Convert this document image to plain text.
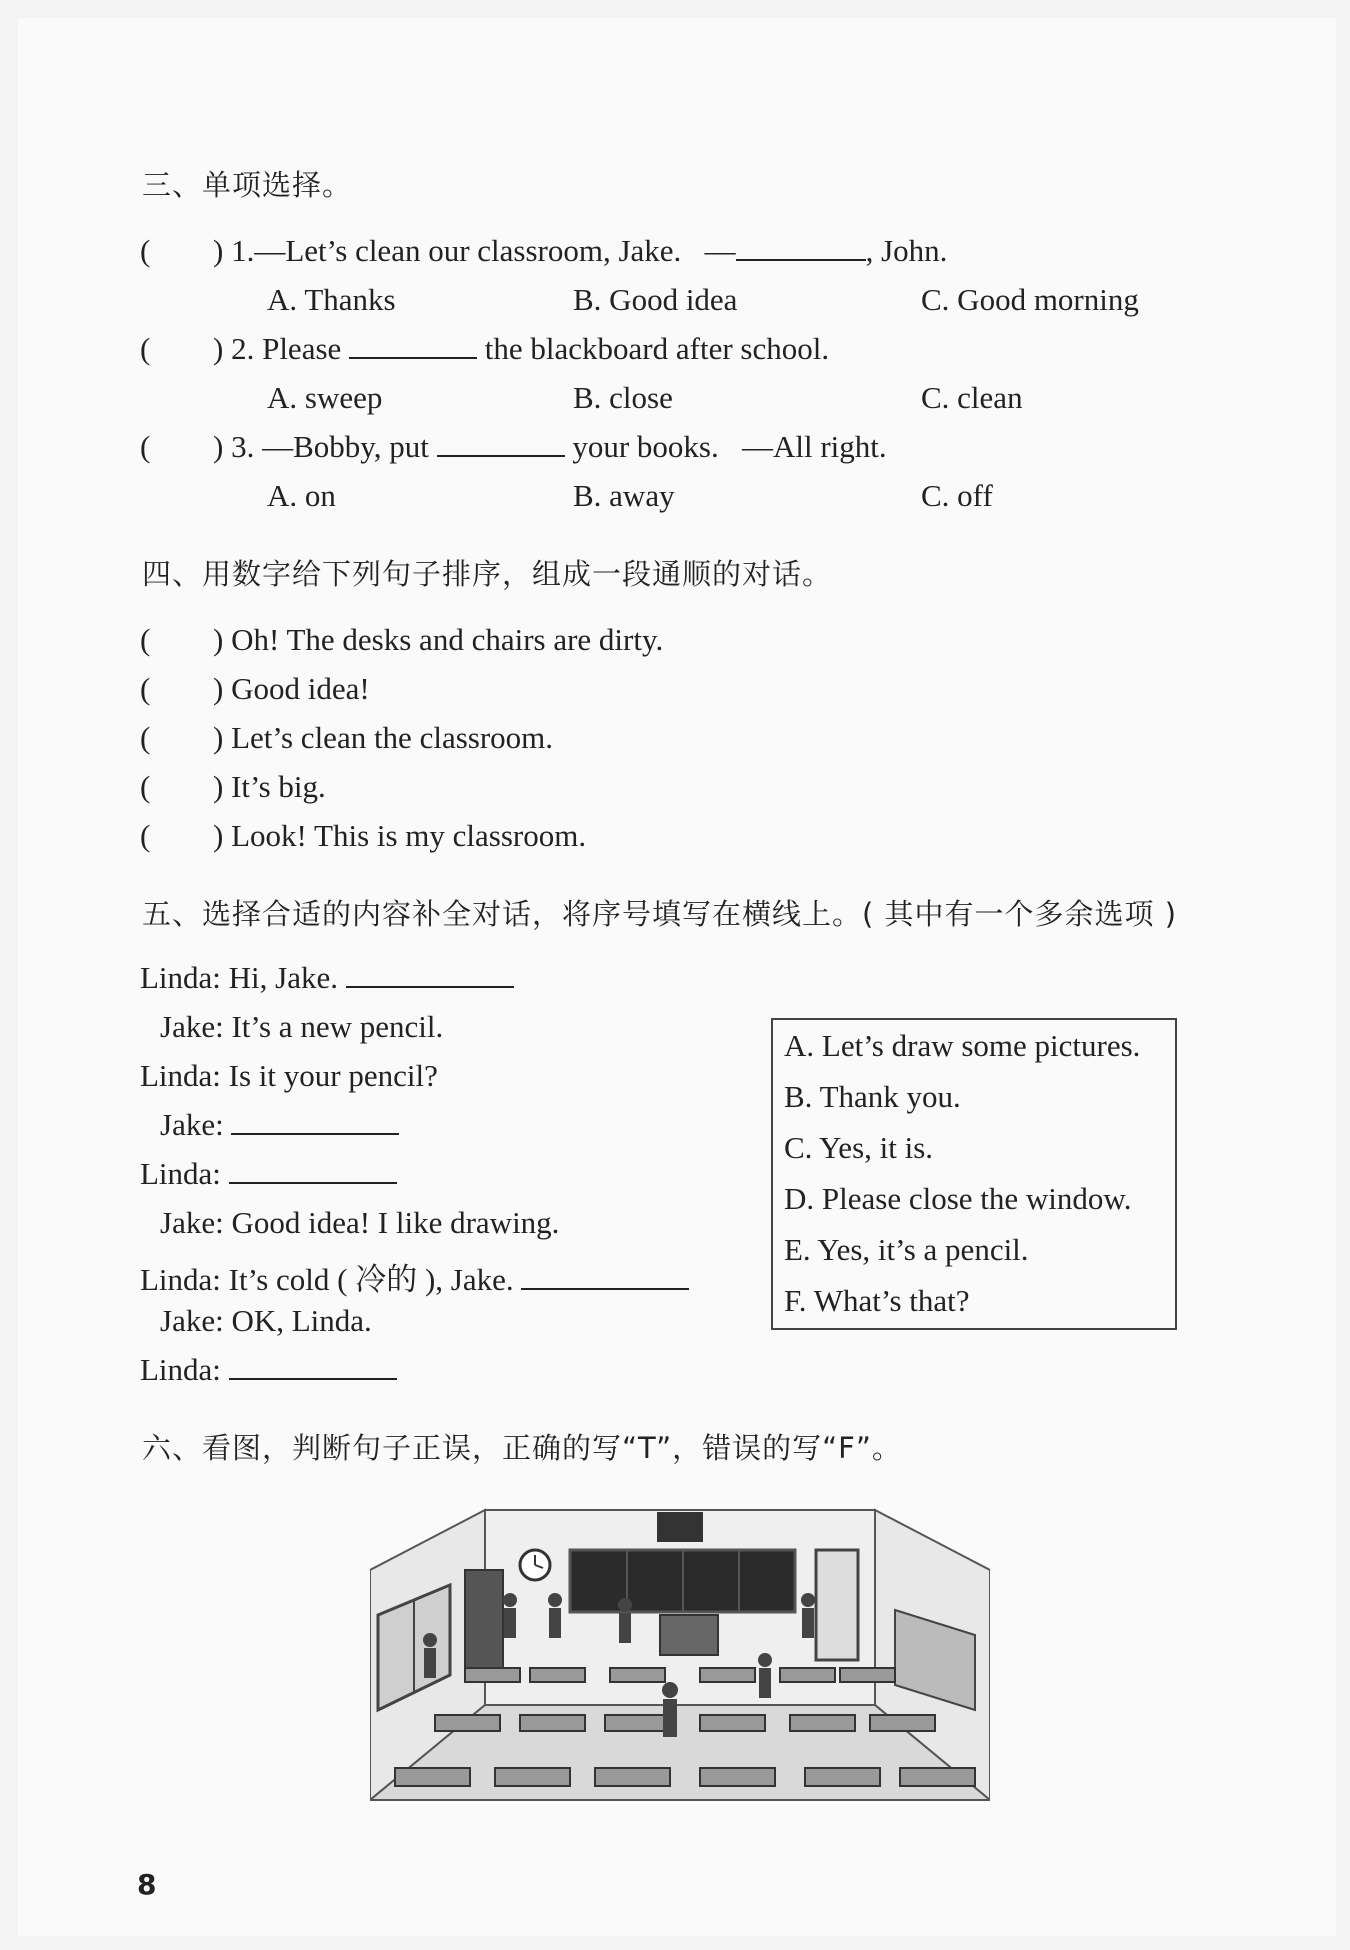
三、单项选择。
( ) 1.—Let’s clean our classroom, Jake. —	, John.
A. Thanks	B. Good idea	C. Good morning
( ) 2. Please	the blackboard after school.
A. sweep	B. close	C. clean
( ) 3. —Bobby, put	your books. —All right.
A. on	B. away	C. off
四、用数字给下列句子排序，组成一段通顺的对话。
( ) Oh! The desks and chairs are dirty.
( ) Good idea!
( ) Let’s clean the classroom.
( ) It’s big.
( ) Look! This is my classroom.
五、选择合适的内容补全对话，将序号填写在横线上。( 其中有一个多余选项 )
Linda: Hi, Jake.
Jake: It’s a new pencil.
Linda: Is it your pencil?
Jake:
Linda:
Jake: Good idea! I like drawing.
Linda: It’s cold ( 冷的 ), Jake.
Jake: OK, Linda.
Linda:
A. Let’s draw some pictures.
B. Thank you.
C. Yes, it is.
D. Please close the window.
E. Yes, it’s a pencil.
F. What’s that?
六、看图，判断句子正误，正确的写“T”，错误的写“F”。
8
